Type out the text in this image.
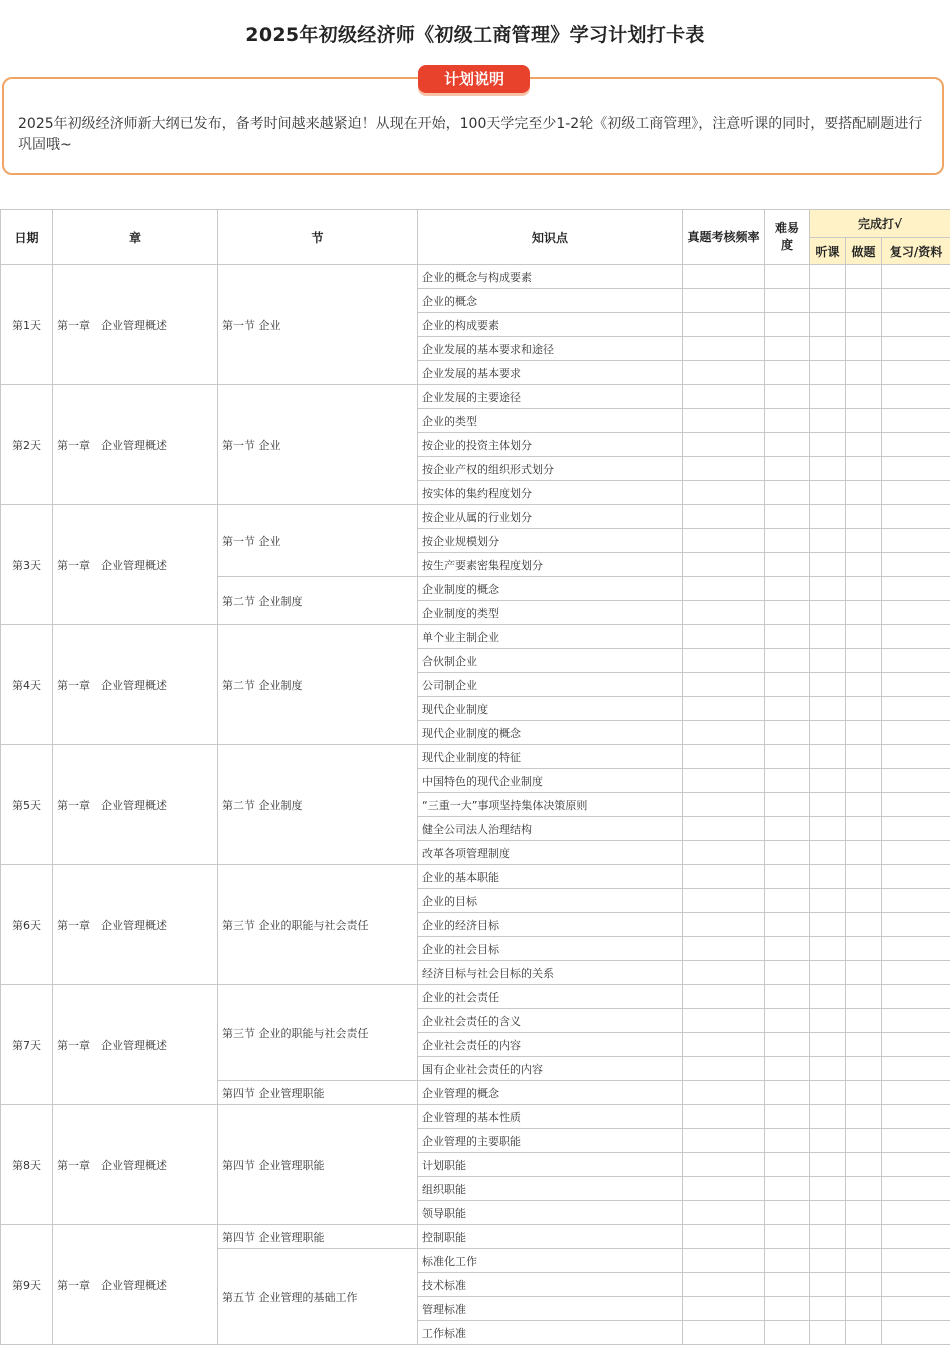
2025年初级经济师《初级工商管理》学习计划打卡表
计划说明
2025年初级经济师新大纲已发布，备考时间越来越紧迫！从现在开始，100天学完至少1-2轮《初级工商管理》，注意听课的同时，要搭配刷题进行巩固哦~
日期	章	节	知识点	真题考核频率	难易度	完成打√		
						听课	做题	复习/资料
第1天	第一章　企业管理概述	第一节 企业	企业的概念与构成要素					
			企业的概念					
			企业的构成要素					
			企业发展的基本要求和途径					
			企业发展的基本要求					
第2天	第一章　企业管理概述	第一节 企业	企业发展的主要途径					
			企业的类型					
			按企业的投资主体划分					
			按企业产权的组织形式划分					
			按实体的集约程度划分					
第3天	第一章　企业管理概述	第一节 企业	按企业从属的行业划分					
			按企业规模划分					
			按生产要素密集程度划分					
		第二节 企业制度	企业制度的概念					
			企业制度的类型					
第4天	第一章　企业管理概述	第二节 企业制度	单个业主制企业					
			合伙制企业					
			公司制企业					
			现代企业制度					
			现代企业制度的概念					
第5天	第一章　企业管理概述	第二节 企业制度	现代企业制度的特征					
			中国特色的现代企业制度					
			“三重一大”事项坚持集体决策原则					
			健全公司法人治理结构					
			改革各项管理制度					
第6天	第一章　企业管理概述	第三节 企业的职能与社会责任	企业的基本职能					
			企业的目标					
			企业的经济目标					
			企业的社会目标					
			经济目标与社会目标的关系					
第7天	第一章　企业管理概述	第三节 企业的职能与社会责任	企业的社会责任					
			企业社会责任的含义					
			企业社会责任的内容					
			国有企业社会责任的内容					
		第四节 企业管理职能	企业管理的概念					
第8天	第一章　企业管理概述	第四节 企业管理职能	企业管理的基本性质					
			企业管理的主要职能					
			计划职能					
			组织职能					
			领导职能					
第9天	第一章　企业管理概述	第四节 企业管理职能	控制职能					
		第五节 企业管理的基础工作	标准化工作					
			技术标准					
			管理标准					
			工作标准					
